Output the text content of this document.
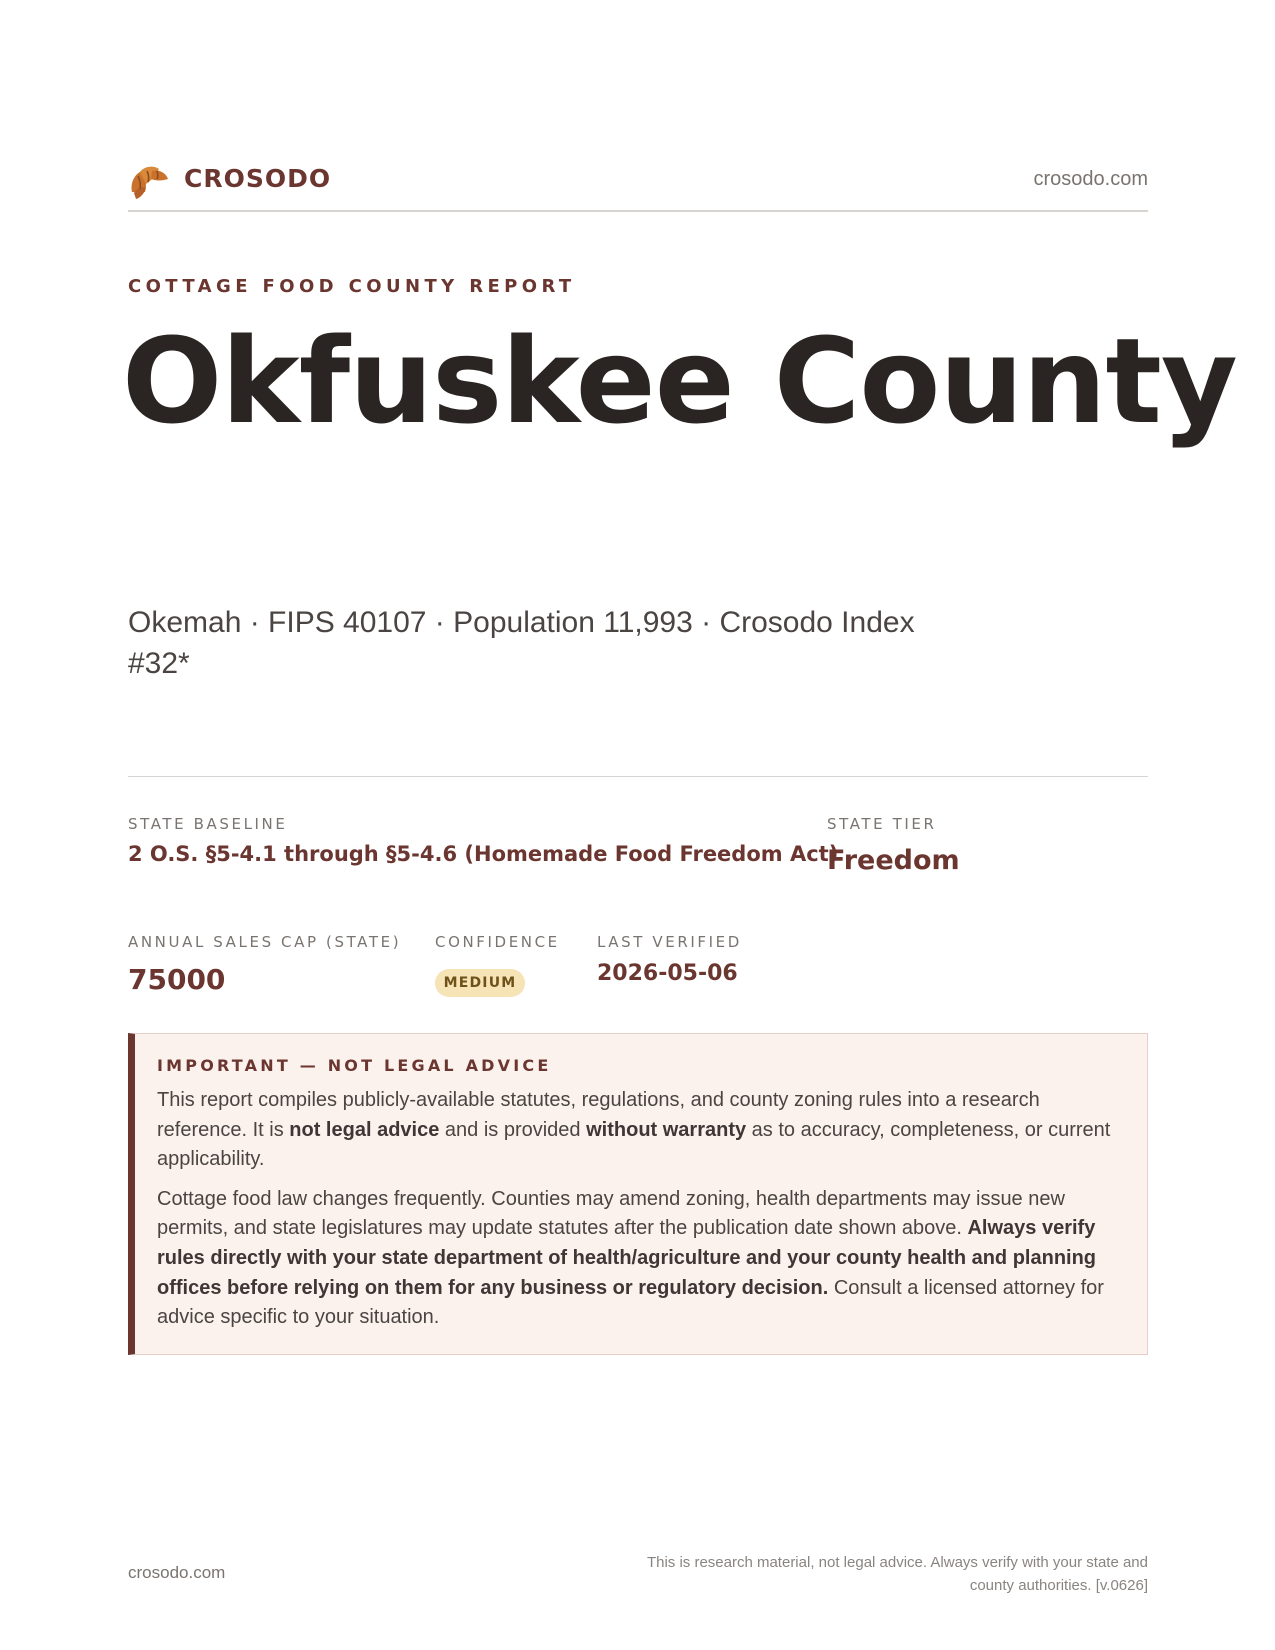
CROSODO	crosodo.com
COTTAGE FOOD COUNTY REPORT
Okfuskee County
Okemah · FIPS 40107 · Population 11,993 · Crosodo Index #32*
STATE BASELINE
2 O.S. §5-4.1 through §5-4.6 (Homemade Food Freedom Act)
STATE TIER
Freedom
ANNUAL SALES CAP (STATE)
75000
CONFIDENCE
MEDIUM
LAST VERIFIED
2026-05-06
IMPORTANT — NOT LEGAL ADVICE

This report compiles publicly-available statutes, regulations, and county zoning rules into a research reference. It is not legal advice and is provided without warranty as to accuracy, completeness, or current applicability.

Cottage food law changes frequently. Counties may amend zoning, health departments may issue new permits, and state legislatures may update statutes after the publication date shown above. Always verify rules directly with your state department of health/agriculture and your county health and planning offices before relying on them for any business or regulatory decision. Consult a licensed attorney for advice specific to your situation.

crosodo.com
This is research material, not legal advice. Always verify with your state and county authorities. [v.0626]
